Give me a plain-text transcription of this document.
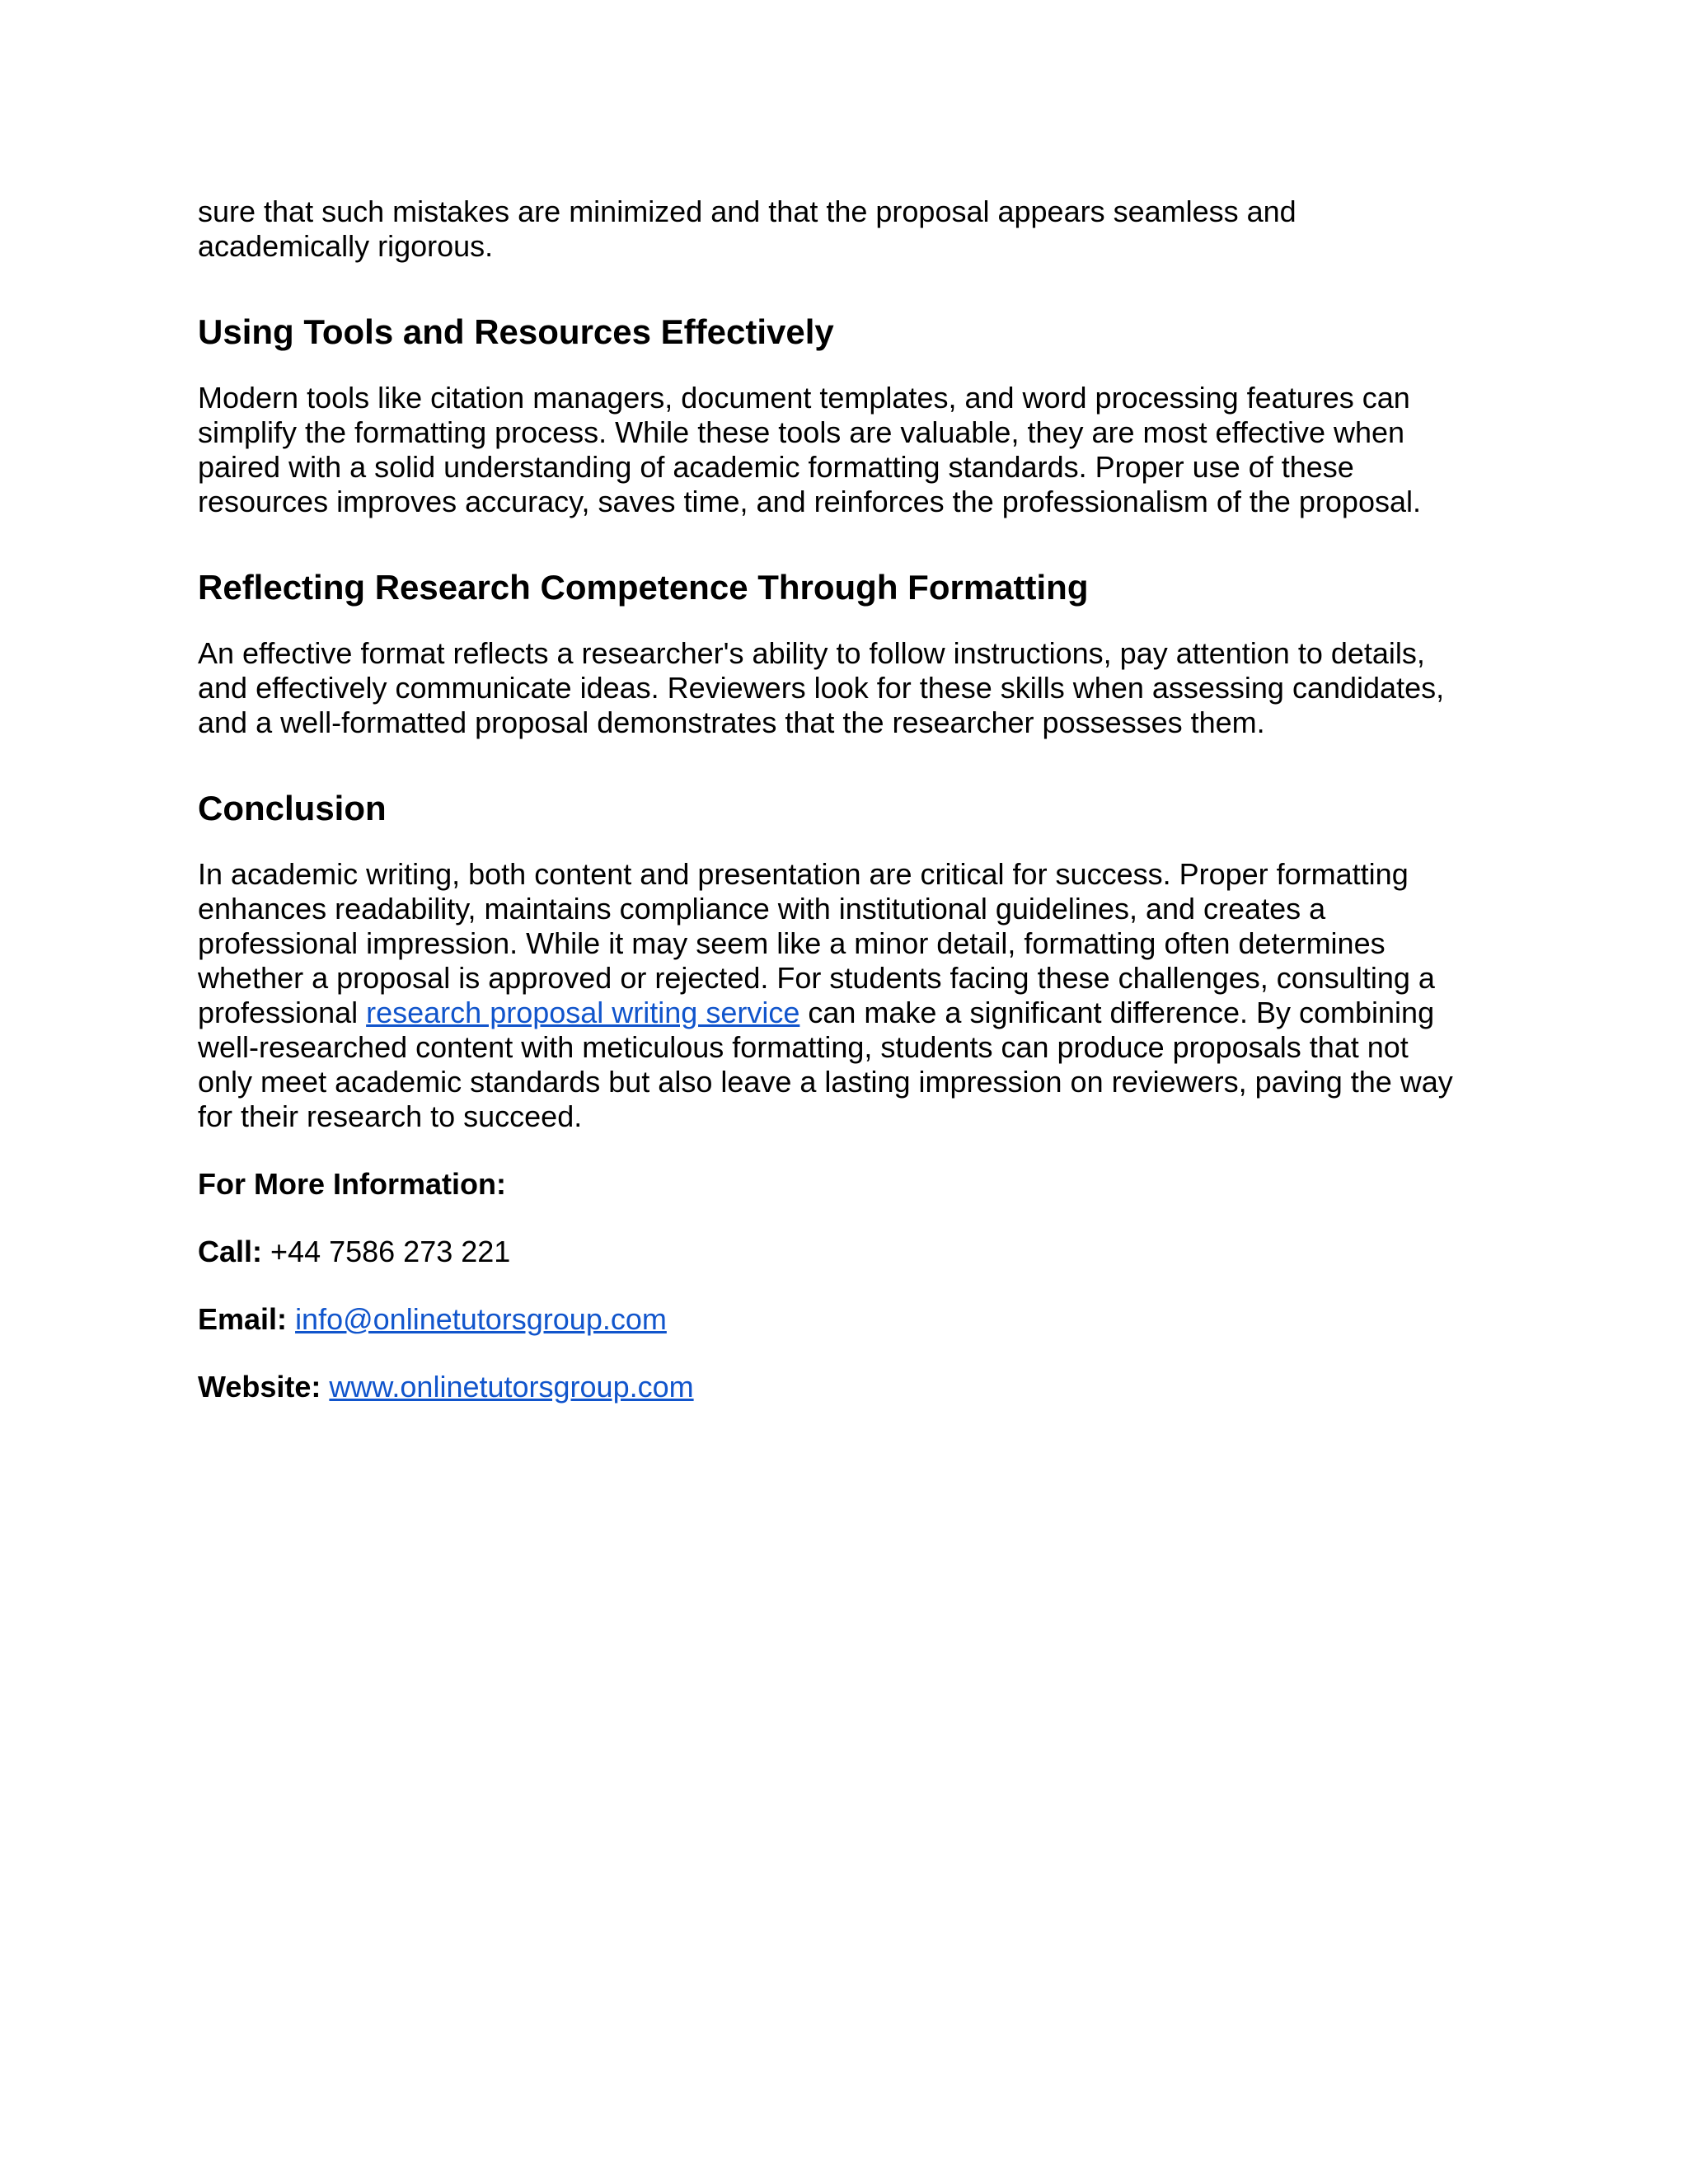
sure that such mistakes are minimized and that the proposal appears seamless and
academically rigorous.

Using Tools and Resources Effectively

Modern tools like citation managers, document templates, and word processing features can
simplify the formatting process. While these tools are valuable, they are most effective when
paired with a solid understanding of academic formatting standards. Proper use of these
resources improves accuracy, saves time, and reinforces the professionalism of the proposal.

Reflecting Research Competence Through Formatting

An effective format reflects a researcher's ability to follow instructions, pay attention to details,
and effectively communicate ideas. Reviewers look for these skills when assessing candidates,
and a well-formatted proposal demonstrates that the researcher possesses them.

Conclusion

In academic writing, both content and presentation are critical for success. Proper formatting
enhances readability, maintains compliance with institutional guidelines, and creates a
professional impression. While it may seem like a minor detail, formatting often determines
whether a proposal is approved or rejected. For students facing these challenges, consulting a
professional research proposal writing service can make a significant difference. By combining
well-researched content with meticulous formatting, students can produce proposals that not
only meet academic standards but also leave a lasting impression on reviewers, paving the way
for their research to succeed.

For More Information:

Call: +44 7586 273 221

Email: info@onlinetutorsgroup.com

Website: www.onlinetutorsgroup.com
